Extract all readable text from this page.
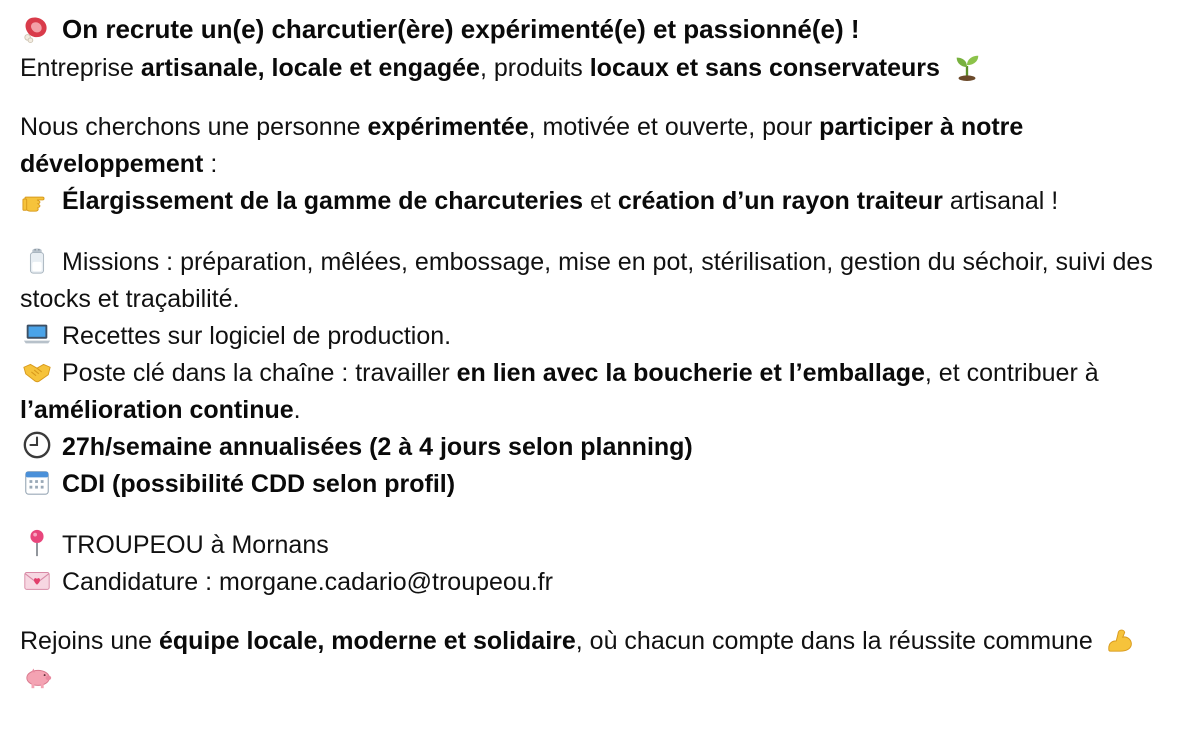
On recrute un(e) charcutier(ère) expérimenté(e) et passionné(e) !

Entreprise artisanale, locale et engagée, produits locaux et sans conservateurs

Nous cherchons une personne expérimentée, motivée et ouverte, pour participer à notre développement :

Élargissement de la gamme de charcuteries et création d’un rayon traiteur artisanal !

Missions : préparation, mêlées, embossage, mise en pot, stérilisation, gestion du séchoir, suivi des stocks et traçabilité.

Recettes sur logiciel de production.

Poste clé dans la chaîne : travailler en lien avec la boucherie et l’emballage, et contribuer à l’amélioration continue.

27h/semaine annualisées (2 à 4 jours selon planning)

CDI (possibilité CDD selon profil)

TROUPEOU à Mornans

Candidature : morgane.cadario@troupeou.fr

Rejoins une équipe locale, moderne et solidaire, où chacun compte dans la réussite commune
